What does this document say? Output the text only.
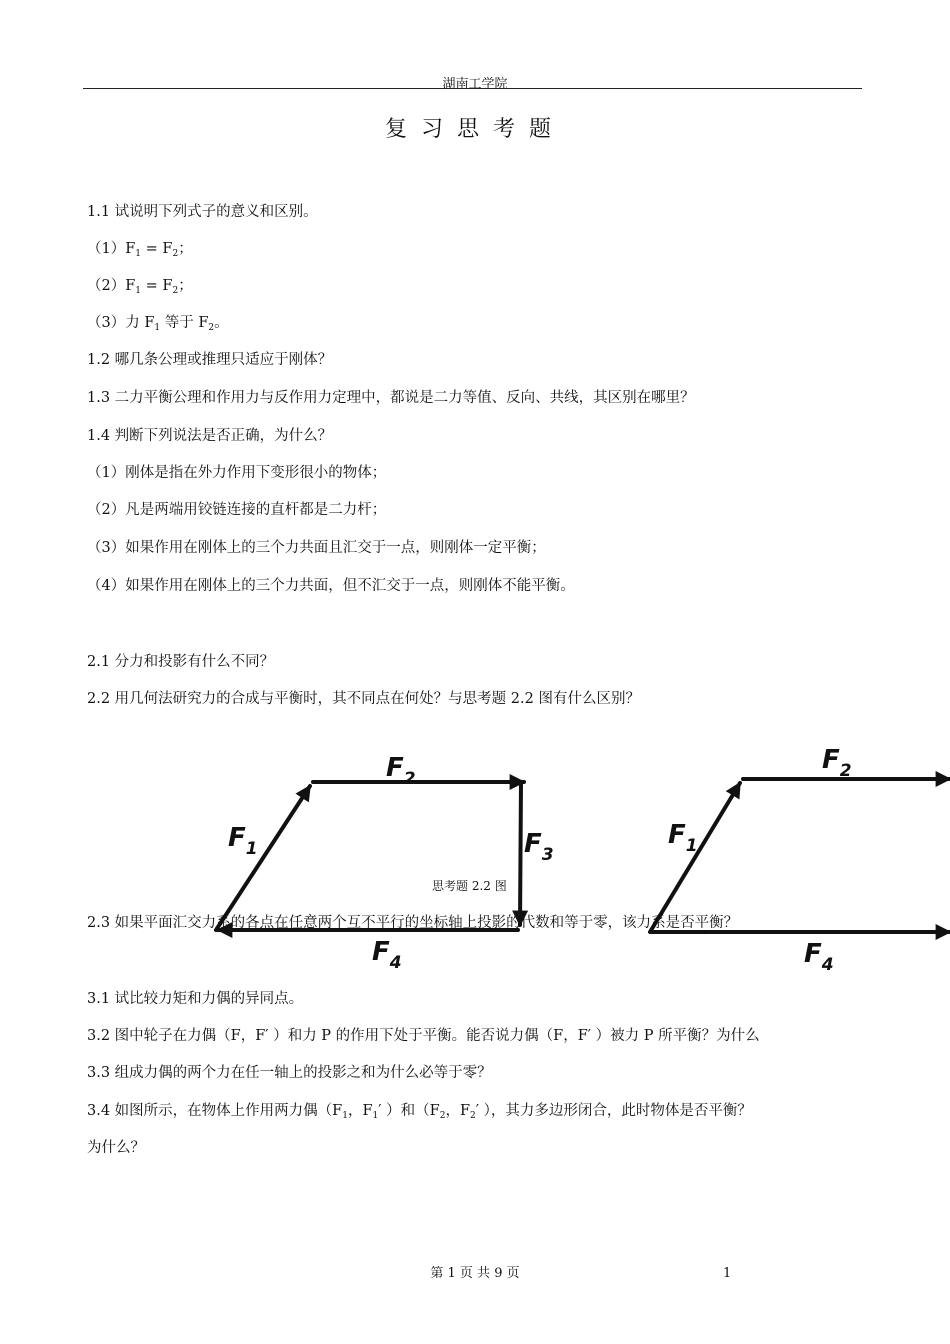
湖南工学院
复习思考题
1.1 试说明下列式子的意义和区别。
$(1)F_1 = F_2$；
$(2)F_1 = F_2$；
（3）力 $F_1$ 等于 $F_2$。
1.2 哪几条公理或推理只适应于刚体？
1.3 二力平衡公理和作用力与反作用力定理中，都说是二力等值、反向、共线，其区别在哪里？
1.4 判断下列说法是否正确，为什么？
（1）刚体是指在外力作用下变形很小的物体；
（2）凡是两端用铰链连接的直杆都是二力杆；
（3）如果作用在刚体上的三个力共面且汇交于一点，则刚体一定平衡；
（4）如果作用在刚体上的三个力共面，但不汇交于一点，则刚体不能平衡。
2.1 分力和投影有什么不同？
2.2 用几何法研究力的合成与平衡时，其不同点在何处？与思考题 2.2 图有什么区别？
$F_2$
$F_1$	$F_3$
$F_4$
$F_2$
$F_1$
$F_4$
思考题 2.2 图
2.3 如果平面汇交力系的各点在任意两个互不平行的坐标轴上投影的代数和等于零，该力系是否平衡？
3.1 试比较力矩和力偶的异同点。
3.2 图中轮子在力偶（F，F′ ）和力 P 的作用下处于平衡。能否说力偶（F，F′ ）被力 P 所平衡？为什么
3.3 组成力偶的两个力在任一轴上的投影之和为什么必等于零？
3.4 如图所示，在物体上作用两力偶（$F_1$，$F_1'$ ）和（$F_2$，$F_2'$ ），其力多边形闭合，此时物体是否平衡？
为什么？
第 1 页 共 9 页	1
